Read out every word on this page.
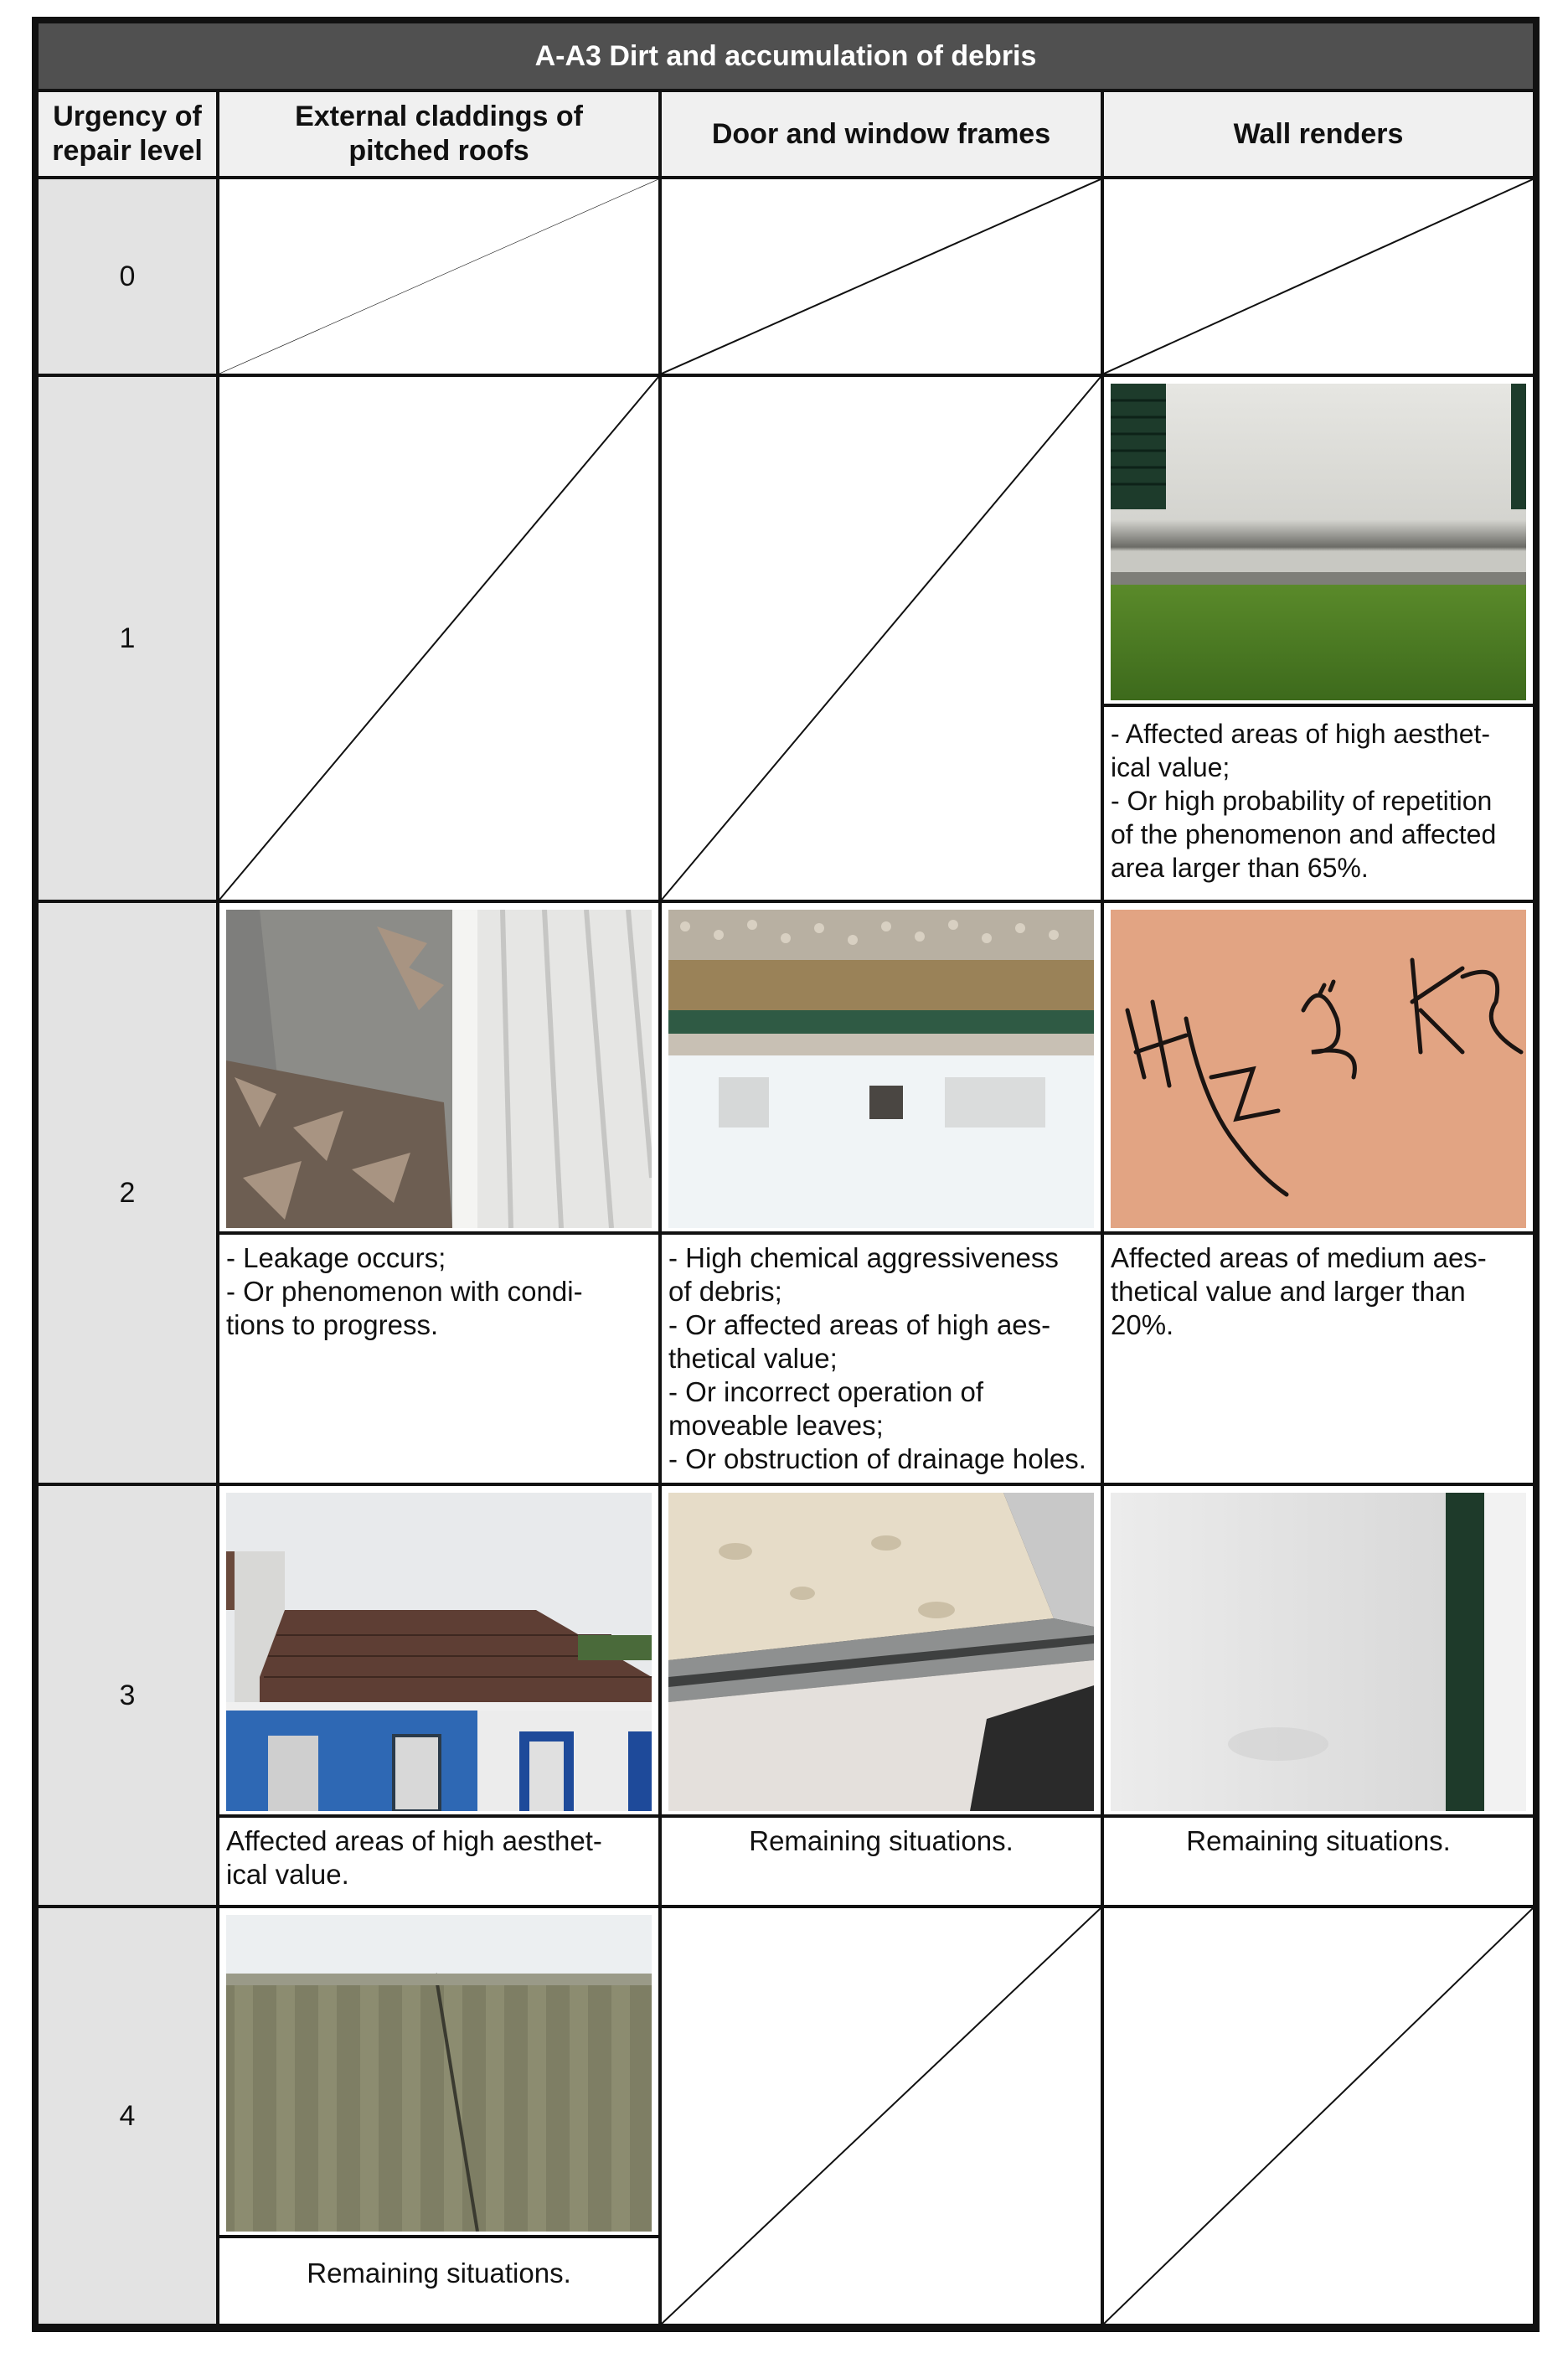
A-A3 Dirt and accumulation of debris
Urgency of repair level
External claddings of pitched roofs
Door and window frames	Wall renders
0
1
- Affected areas of high aesthet-
ical value;
- Or high probability of repetition
of the phenomenon and affected
area larger than 65%.
2
- Leakage occurs;
- Or phenomenon with condi-
tions to progress.
- High chemical aggressiveness
of debris;
- Or affected areas of high aes-
thetical value;
- Or incorrect operation of
moveable leaves;
- Or obstruction of drainage holes.
Affected areas of medium aes-
thetical value and larger than
20%.
3
Affected areas of high aesthet-
ical value.
Remaining situations.	Remaining situations.
4
Remaining situations.
